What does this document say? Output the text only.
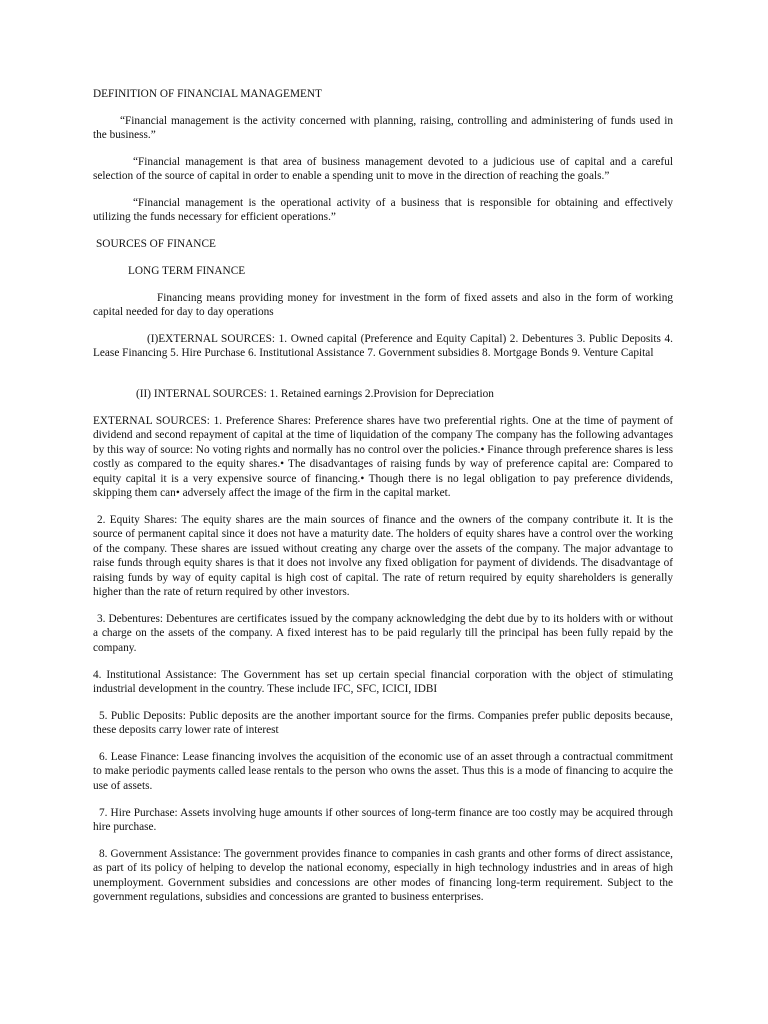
DEFINITION OF FINANCIAL MANAGEMENT

“Financial management is the activity concerned with planning, raising, controlling and administering of funds used in the business.”

“Financial management is that area of business management devoted to a judicious use of capital and a careful selection of the source of capital in order to enable a spending unit to move in the direction of reaching the goals.”

“Financial management is the operational activity of a business that is responsible for obtaining and effectively utilizing the funds necessary for efficient operations.”

SOURCES OF FINANCE

LONG TERM FINANCE

Financing means providing money for investment in the form of fixed assets and also in the form of working capital needed for day to day operations

(I)EXTERNAL SOURCES: 1. Owned capital (Preference and Equity Capital) 2. Debentures 3. Public Deposits 4. Lease Financing 5. Hire Purchase 6. Institutional Assistance 7. Government subsidies 8. Mortgage Bonds 9. Venture Capital

(II) INTERNAL SOURCES: 1. Retained earnings 2.Provision for Depreciation

EXTERNAL SOURCES: 1. Preference Shares: Preference shares have two preferential rights. One at the time of payment of dividend and second repayment of capital at the time of liquidation of the company The company has the following advantages by this way of source: No voting rights and normally has no control over the policies.• Finance through preference shares is less costly as compared to the equity shares.• The disadvantages of raising funds by way of preference capital are: Compared to equity capital it is a very expensive source of financing.• Though there is no legal obligation to pay preference dividends, skipping them can• adversely affect the image of the firm in the capital market.

2. Equity Shares: The equity shares are the main sources of finance and the owners of the company contribute it. It is the source of permanent capital since it does not have a maturity date. The holders of equity shares have a control over the working of the company. These shares are issued without creating any charge over the assets of the company. The major advantage to raise funds through equity shares is that it does not involve any fixed obligation for payment of dividends. The disadvantage of raising funds by way of equity capital is high cost of capital. The rate of return required by equity shareholders is generally higher than the rate of return required by other investors.

3. Debentures: Debentures are certificates issued by the company acknowledging the debt due by to its holders with or without a charge on the assets of the company. A fixed interest has to be paid regularly till the principal has been fully repaid by the company.

4. Institutional Assistance: The Government has set up certain special financial corporation with the object of stimulating industrial development in the country. These include IFC, SFC, ICICI, IDBI

5. Public Deposits: Public deposits are the another important source for the firms. Companies prefer public deposits because, these deposits carry lower rate of interest

6. Lease Finance: Lease financing involves the acquisition of the economic use of an asset through a contractual commitment to make periodic payments called lease rentals to the person who owns the asset. Thus this is a mode of financing to acquire the use of assets.

7. Hire Purchase: Assets involving huge amounts if other sources of long-term finance are too costly may be acquired through hire purchase.

8. Government Assistance: The government provides finance to companies in cash grants and other forms of direct assistance, as part of its policy of helping to develop the national economy, especially in high technology industries and in areas of high unemployment. Government subsidies and concessions are other modes of financing long-term requirement. Subject to the government regulations, subsidies and concessions are granted to business enterprises.
